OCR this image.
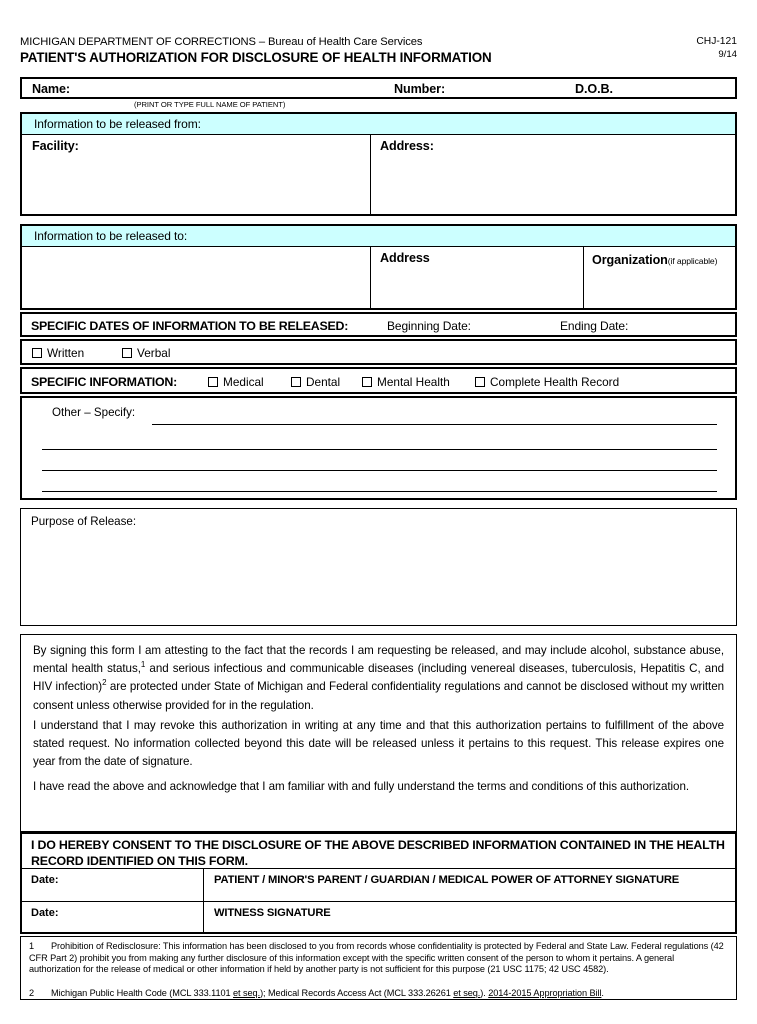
MICHIGAN DEPARTMENT OF CORRECTIONS – Bureau of Health Care Services
PATIENT'S AUTHORIZATION FOR DISCLOSURE OF HEALTH INFORMATION
CHJ-121
9/14
Name:	Number:	D.O.B.
(PRINT OR TYPE FULL NAME OF PATIENT)
Information to be released from:
Facility:	Address:
Information to be released to:
Address	Organization(if applicable)
SPECIFIC DATES OF INFORMATION TO BE RELEASED:	Beginning Date:	Ending Date:
Written	Verbal
SPECIFIC INFORMATION:	Medical	Dental	Mental Health	Complete Health Record
Other – Specify:
Purpose of Release:
By signing this form I am attesting to the fact that the records I am requesting be released, and may include alcohol, substance abuse, mental health status,$^1$ and serious infectious and communicable diseases (including venereal diseases, tuberculosis, Hepatitis C, and HIV infection)$^2$ are protected under State of Michigan and Federal confidentiality regulations and cannot be disclosed without my written consent unless otherwise provided for in the regulation.
I understand that I may revoke this authorization in writing at any time and that this authorization pertains to fulfillment of the above stated request. No information collected beyond this date will be released unless it pertains to this request. This release expires one year from the date of signature.
I have read the above and acknowledge that I am familiar with and fully understand the terms and conditions of this authorization.
I DO HEREBY CONSENT TO THE DISCLOSURE OF THE ABOVE DESCRIBED INFORMATION CONTAINED IN THE HEALTH RECORD IDENTIFIED ON THIS FORM.
Date:	PATIENT / MINOR'S PARENT / GUARDIAN / MEDICAL POWER OF ATTORNEY SIGNATURE
Date:	WITNESS SIGNATURE
1 Prohibition of Redisclosure: This information has been disclosed to you from records whose confidentiality is protected by Federal and State Law. Federal regulations (42 CFR Part 2) prohibit you from making any further disclosure of this information except with the specific written consent of the person to whom it pertains. A general authorization for the release of medical or other information if held by another party is not sufficient for this purpose (21 USC 1175; 42 USC 4582).
2 Michigan Public Health Code (MCL 333.1101 et seq.); Medical Records Access Act (MCL 333.26261 et seq.). 2014-2015 Appropriation Bill.
